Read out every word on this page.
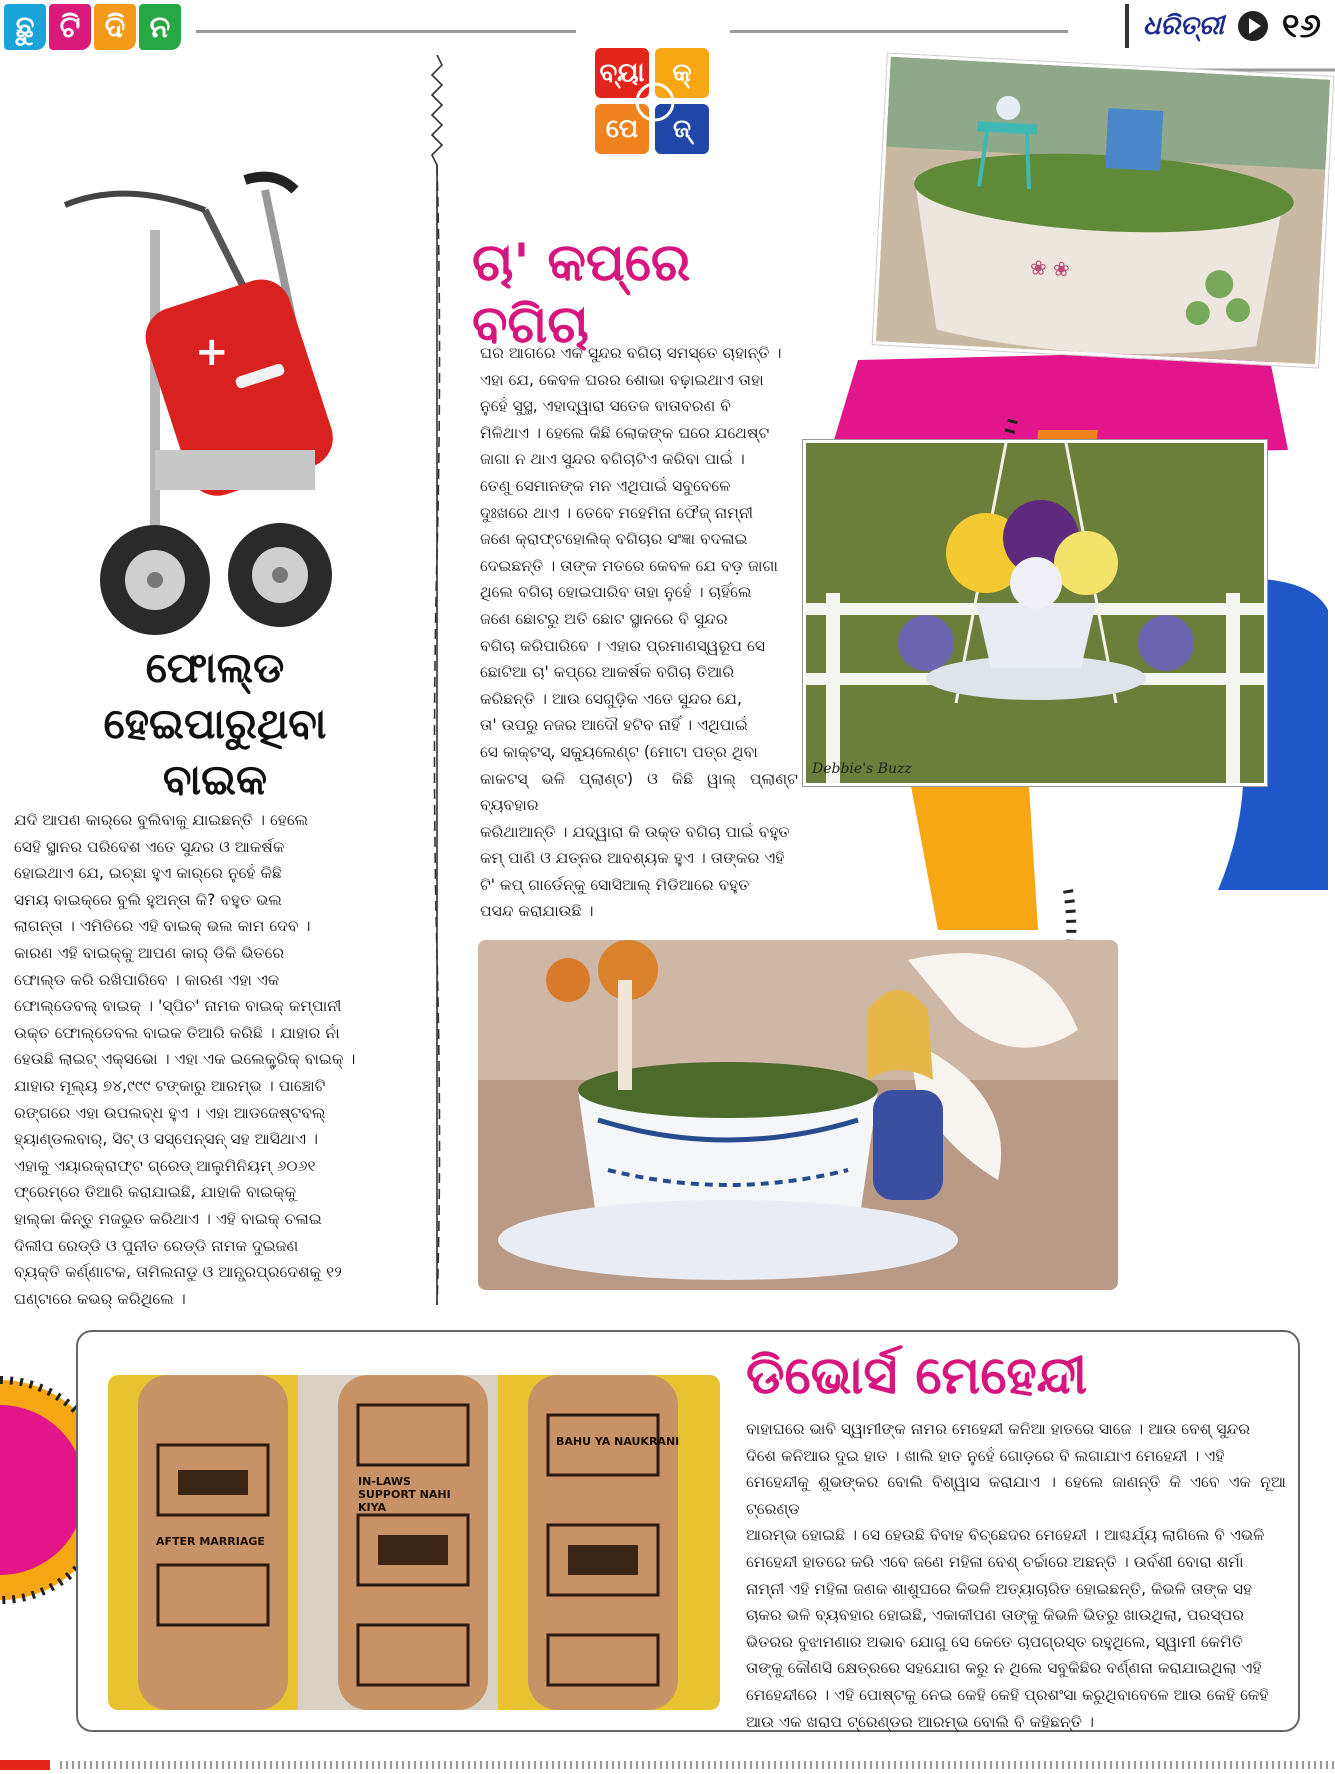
ଛୁ ଟି ଦି ନ	ଧରିତ୍ରୀ ୧୬
ବ୍ୟା	କ୍
ପେ	ଜ୍
+
ଫୋଲ୍ଡ
ହେଇପାରୁଥିବା
ବାଇକ
ଯଦି ଆପଣ କାର୍‌ରେ ବୁଲିବାକୁ ଯାଇଛନ୍ତି । ହେଲେ
ସେହି ସ୍ଥାନର ପରିବେଶ ଏତେ ସୁନ୍ଦର ଓ ଆକର୍ଷକ
ହୋଇଥାଏ ଯେ, ଇଚ୍ଛା ହୁଏ କାର୍‌ରେ ନୁହେଁ କିଛି
ସମୟ ବାଇକ୍‌ରେ ବୁଲି ହୁଅନ୍ତା କି? ବହୁତ ଭଲ
ଲାଗନ୍ତା । ଏମିତିରେ ଏହି ବାଇକ୍ ଭଲ କାମ ଦେବ ।
କାରଣ ଏହି ବାଇକ୍‌କୁ ଆପଣ କାର୍ ଡିକି ଭିତରେ
ଫୋଲ୍ଡ କରି ରଖିପାରିବେ । କାରଣ ଏହା ଏକ
ଫୋଲ୍ଡେବଲ୍ ବାଇକ୍ । 'ସ୍ପିଚ' ନାମକ ବାଇକ୍ କମ୍ପାନୀ
ଉକ୍ତ ଫୋଲ୍ଡେବଲ ବାଇକ ତିଆରି କରିଛି । ଯାହାର ନାଁ
ହେଉଛି ଲାଇଟ୍ ଏକ୍ସଭୋ । ଏହା ଏକ ଇଲେକ୍ଟ୍ରିକ୍ ବାଇକ୍ ।
ଯାହାର ମୂଲ୍ୟ ୭୪,୯୯୯ ଟଙ୍କାରୁ ଆରମ୍ଭ । ପାଞ୍ଚୋଟି
ରଙ୍ଗରେ ଏହା ଉପଲବ୍ଧ ହୁଏ । ଏହା ଆଡଜେଷ୍ଟବଲ୍
ହ୍ୟାଣ୍ଡଲବାର୍, ସିଟ୍ ଓ ସସ୍ପେନ୍‌ସନ୍ ସହ ଆସିଥାଏ ।
ଏହାକୁ ଏୟାରକ୍ରାଫ୍ଟ ଗ୍ରେଡ୍ ଆଲୁମିନିୟମ୍ ୬୦୬୧
ଫ୍ରେମ୍‌ରେ ତିଆରି କରାଯାଇଛି, ଯାହାକି ବାଇକ୍‌କୁ
ହାଲ୍‌କା କିନ୍ତୁ ମଜଭୁତ କରିଥାଏ । ଏହି ବାଇକ୍ ଚଳାଇ
ଦିଲୀପ ରେଡ୍ଡି ଓ ପୁନୀତ ରେଡ୍ଡି ନାମକ ଦୁଇଜଣ
ବ୍ୟକ୍ତି କର୍ଣ୍ଣାଟକ, ତାମିଲନାଡୁ ଓ ଆନ୍ଧ୍ରପ୍ରଦେଶକୁ ୧୨
ଘଣ୍ଟାରେ କଭର୍ କରିଥିଲେ ।
ଚା' କପ୍‌ରେ
ବଗିଚା
ଘର ଆଗରେ ଏକ ସୁନ୍ଦର ବଗିଚା ସମସ୍ତେ ଚାହାନ୍ତି ।
ଏହା ଯେ, କେବଳ ଘରର ଶୋଭା ବଢ଼ାଇଥାଏ ତାହା
ନୁହେଁ ସୁସ୍ଥ, ଏହାଦ୍ୱାରା ସତେଜ ବାତାବରଣ ବି
ମିଳିଥାଏ । ହେଲେ କିଛି ଲୋକଙ୍କ ଘରେ ଯଥେଷ୍ଟ
ଜାଗା ନ ଥାଏ ସୁନ୍ଦର ବଗିଚାଟିଏ କରିବା ପାଇଁ ।
ତେଣୁ ସେମାନଙ୍କ ମନ ଏଥିପାଇଁ ସବୁବେଳେ
ଦୁଃଖରେ ଥାଏ । ତେବେ ମହେମିନା ଫୈଜ୍ ନାମ୍ନୀ
ଜଣେ କ୍ରାଫ୍ଟହୋଲିକ୍ ବଗିଚାର ସଂଜ୍ଞା ବଦଳାଇ
ଦେଇଛନ୍ତି । ତାଙ୍କ ମତରେ କେବଳ ଯେ ବଡ଼ ଜାଗା
ଥିଲେ ବଗିଚା ହୋଇପାରିବ ତାହା ନୁହେଁ । ଚାହିଁଲେ
ଜଣେ ଛୋଟରୁ ଅତି ଛୋଟ ସ୍ଥାନରେ ବି ସୁନ୍ଦର
ବଗିଚା କରିପାରିବେ । ଏହାର ପ୍ରମାଣସ୍ୱରୂପ ସେ
ଛୋଟିଆ ଚା' କପ୍‌ରେ ଆକର୍ଷକ ବଗିଚା ତିଆରି
କରିଛନ୍ତି । ଆଉ ସେଗୁଡ଼ିକ ଏତେ ସୁନ୍ଦର ଯେ,
ତା' ଉପରୁ ନଜର ଆଦୌ ହଟିବ ନାହିଁ । ଏଥିପାଇଁ
ସେ କାକ୍‌ଟସ୍, ସକ୍ୟୁଲେଣ୍ଟ (ମୋଟା ପତ୍ର ଥିବା
କାକଟସ୍ ଭଳି ପ୍ଲାଣ୍ଟ) ଓ କିଛି ୱାଲ୍ ପ୍ଲାଣ୍ଟ ବ୍ୟବହାର
କରିଥାଆନ୍ତି । ଯଦ୍ୱାରା କି ଉକ୍ତ ବଗିଚା ପାଇଁ ବହୁତ
କମ୍ ପାଣି ଓ ଯତ୍ନର ଆବଶ୍ୟକ ହୁଏ । ତାଙ୍କର ଏହି
ଟି' କପ୍ ଗାର୍ଡେନ୍‌କୁ ସୋସିଆଲ୍ ମିଡିଆରେ ବହୁତ
ପସନ୍ଦ କରାଯାଉଛି ।
❀ ❀
Debbie's Buzz
BAHU YA NAUKRANI
AFTER MARRIAGE
IN-LAWS SUPPORT NAHI KIYA
ଡିଭୋର୍ସ ମେହେନ୍ଦୀ
ବାହାଘରେ ଭାବି ସ୍ୱାମୀଙ୍କ ନାମର ମେହେନ୍ଦୀ କନିଆ ହାତରେ ସାଜେ । ଆଉ ବେଶ୍ ସୁନ୍ଦର
ଦିଶେ କନିଆର ଦୁଇ ହାତ । ଖାଲି ହାତ ନୁହେଁ ଗୋଡ଼ରେ ବି ଲଗାଯାଏ ମେହେନ୍ଦୀ । ଏହି
ମେହେନ୍ଦୀକୁ ଶୁଭଙ୍କର ବୋଲି ବିଶ୍ୱାସ କରାଯାଏ । ହେଲେ ଜାଣନ୍ତି କି ଏବେ ଏକ ନୂଆ ଟ୍ରେଣ୍ଡ
ଆରମ୍ଭ ହୋଇଛି । ସେ ହେଉଛି ବିବାହ ବିଚ୍ଛେଦର ମେହେନ୍ଦୀ । ଆଶ୍ଚର୍ଯ୍ୟ ଲାଗିଲେ ବି ଏଭଳି
ମେହେନ୍ଦୀ ହାତରେ କରି ଏବେ ଜଣେ ମହିଳା ବେଶ୍ ଚର୍ଚ୍ଚାରେ ଅଛନ୍ତି । ଉର୍ବଶୀ ବୋରା ଶର୍ମା
ନାମ୍ନୀ ଏହି ମହିଳା ଜଣକ ଶାଶୁଘରେ କିଭଳି ଅତ୍ୟାଚାରିତ ହୋଇଛନ୍ତି, କିଭଳି ତାଙ୍କ ସହ
ଚାକର ଭଳି ବ୍ୟବହାର ହୋଇଛି, ଏକାକୀପଣ ତାଙ୍କୁ କିଭଳି ଭିତରୁ ଖାଉଥିଲା, ପରସ୍ପର
ଭିତରର ବୁଝାମଣାର ଅଭାବ ଯୋଗୁ ସେ କେତେ ଚାପଗ୍ରସ୍ତ ରହୁଥିଲେ, ସ୍ୱାମୀ କେମିତି
ତାଙ୍କୁ କୌଣସି କ୍ଷେତ୍ରରେ ସହଯୋଗ କରୁ ନ ଥିଲେ ସବୁକିଛିର ବର୍ଣ୍ଣନା କରାଯାଇଥିଲା ଏହି
ମେହେନ୍ଦୀରେ । ଏହି ପୋଷ୍ଟକୁ ନେଇ କେହି କେହି ପ୍ରଶଂସା କରୁଥିବାବେଳେ ଆଉ କେହି କେହି
ଆଉ ଏକ ଖରାପ ଟ୍ରେଣ୍ଡର ଆରମ୍ଭ ବୋଲି ବି କହିଛନ୍ତି ।
